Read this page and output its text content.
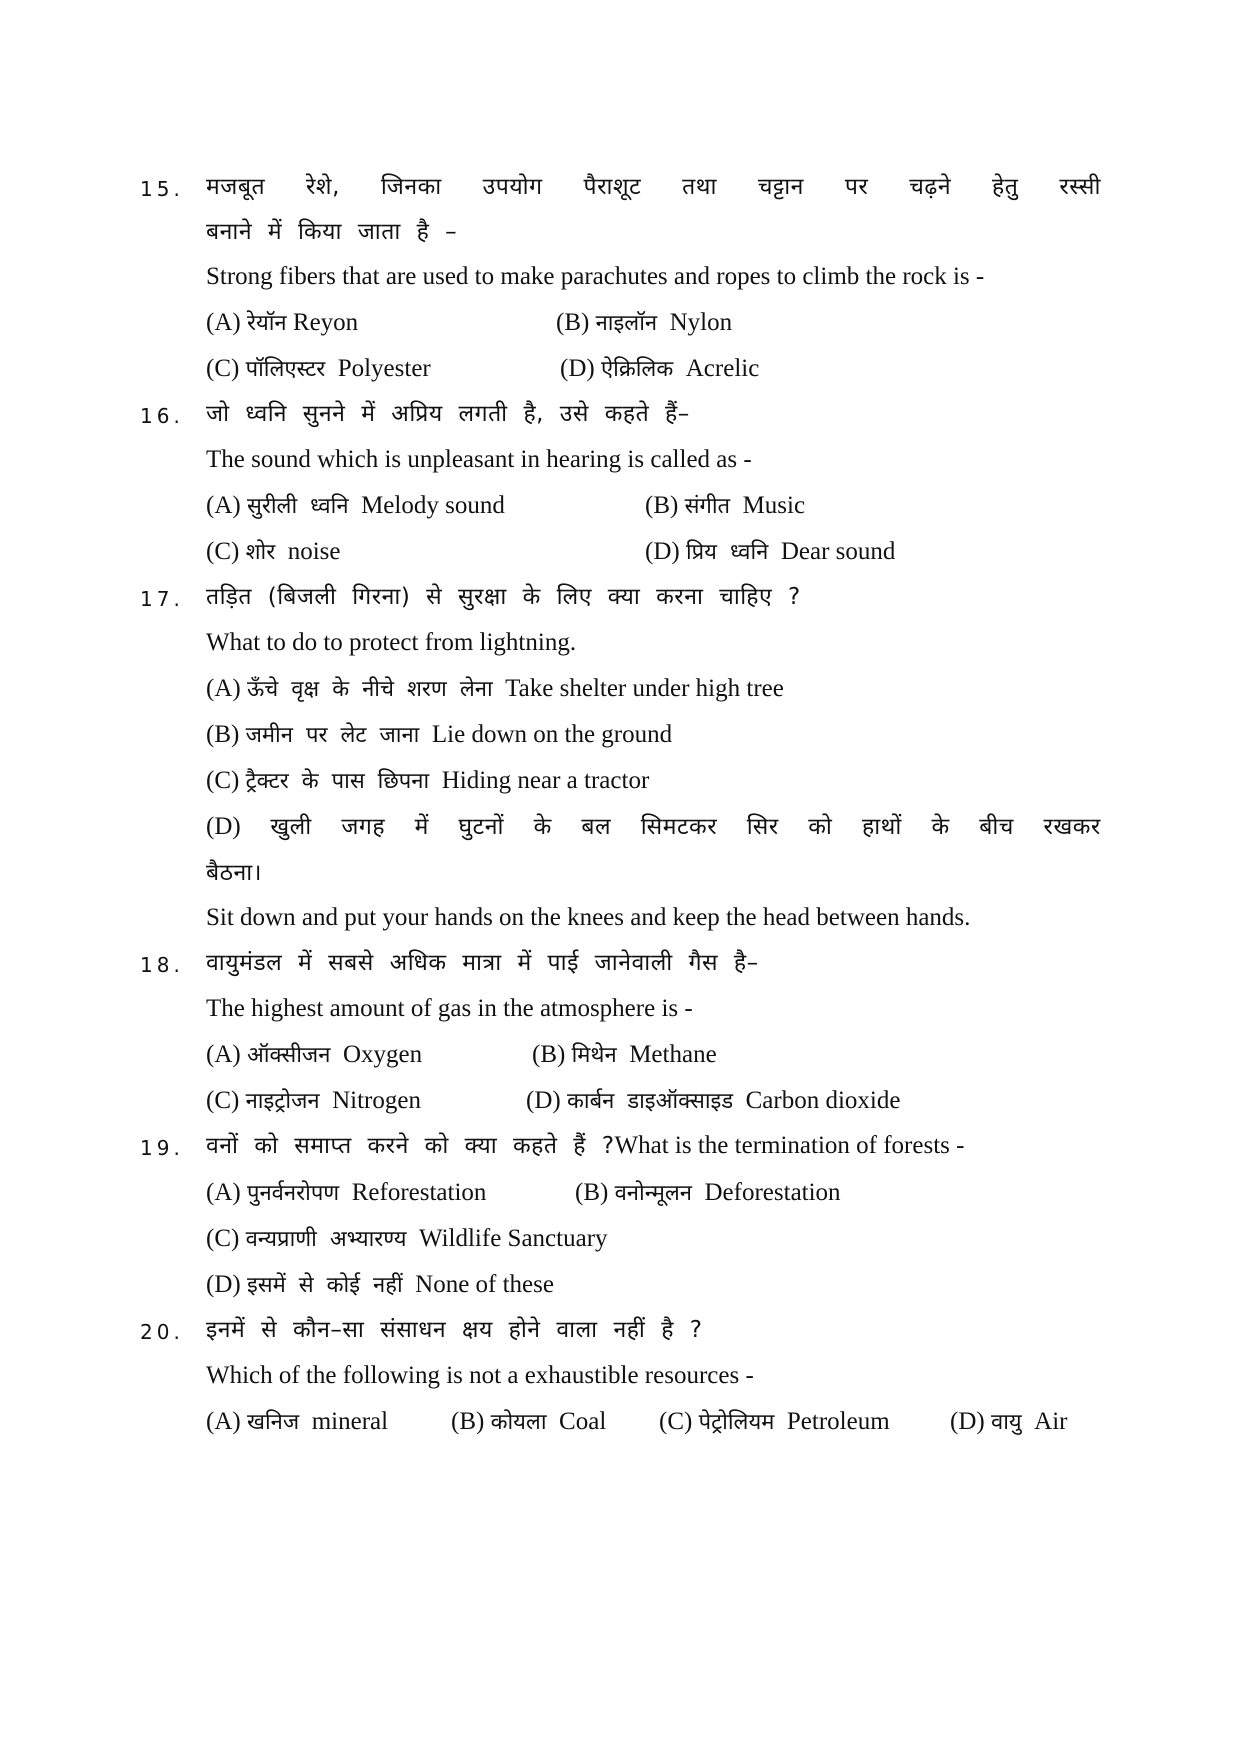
15. मजबूत रेशे, जिनका उपयोग पैराशूट तथा चट्टान पर चढ़ने हेतु रस्सी
बनाने में किया जाता है –
Strong fibers that are used to make parachutes and ropes to climb the rock is -
(A) रेयॉन Reyon	(B) नाइलॉन Nylon
(C) पॉलिएस्टर Polyester	(D) ऐक्रिलिक Acrelic
16. जो ध्वनि सुनने में अप्रिय लगती है, उसे कहते हैं–
The sound which is unpleasant in hearing is called as -
(A) सुरीली ध्वनि Melody sound	(B) संगीत Music
(C) शोर noise	(D) प्रिय ध्वनि Dear sound
17. तड़ित (बिजली गिरना) से सुरक्षा के लिए क्या करना चाहिए ?
What to do to protect from lightning.
(A) ऊँचे वृक्ष के नीचे शरण लेना Take shelter under high tree
(B) जमीन पर लेट जाना Lie down on the ground
(C) ट्रैक्टर के पास छिपना Hiding near a tractor
(D) खुली जगह में घुटनों के बल सिमटकर सिर को हाथों के बीच रखकर
बैठना।
Sit down and put your hands on the knees and keep the head between hands.
18. वायुमंडल में सबसे अधिक मात्रा में पाई जानेवाली गैस है–
The highest amount of gas in the atmosphere is -
(A) ऑक्सीजन Oxygen	(B) मिथेन Methane
(C) नाइट्रोजन Nitrogen	(D) कार्बन डाइऑक्साइड Carbon dioxide
19. वनों को समाप्त करने को क्या कहते हैं ?What is the termination of forests -
(A) पुनर्वनरोपण Reforestation	(B) वनोन्मूलन Deforestation
(C) वन्यप्राणी अभ्यारण्य Wildlife Sanctuary
(D) इसमें से कोई नहीं None of these
20. इनमें से कौन–सा संसाधन क्षय होने वाला नहीं है ?
Which of the following is not a exhaustible resources -
(A) खनिज mineral	(B) कोयला Coal (C) पेट्रोलियम Petroleum (D) वायु Air
